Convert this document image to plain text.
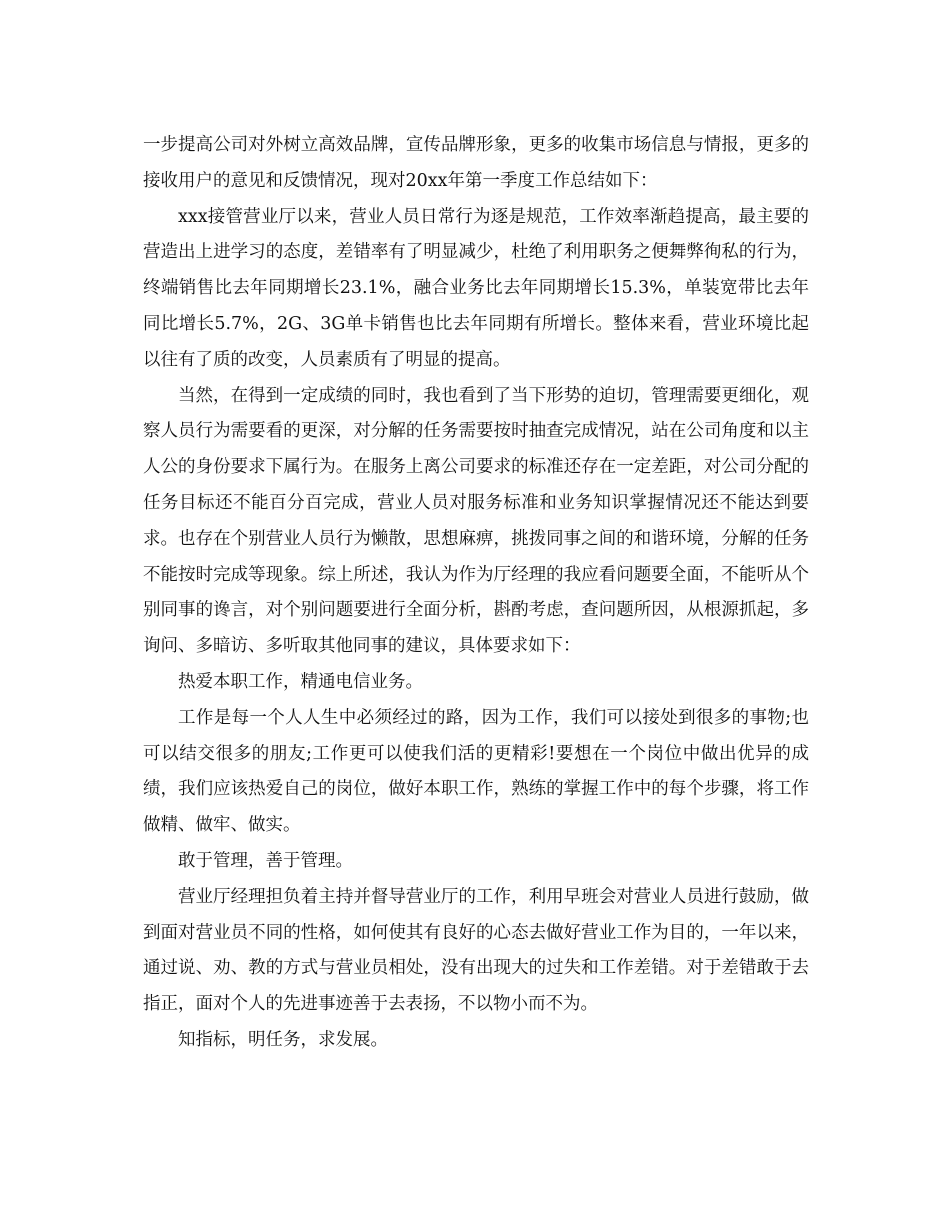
一步提高公司对外树立高效品牌，宣传品牌形象，更多的收集市场信息与情报，更多的接收用户的意见和反馈情况，现对20xx年第一季度工作总结如下：

xxx接管营业厅以来，营业人员日常行为逐是规范，工作效率渐趋提高，最主要的营造出上进学习的态度，差错率有了明显减少，杜绝了利用职务之便舞弊徇私的行为，终端销售比去年同期增长23.1%，融合业务比去年同期增长15.3%，单装宽带比去年同比增长5.7%，2G、3G单卡销售也比去年同期有所增长。整体来看，营业环境比起以往有了质的改变，人员素质有了明显的提高。

当然，在得到一定成绩的同时，我也看到了当下形势的迫切，管理需要更细化，观察人员行为需要看的更深，对分解的任务需要按时抽查完成情况，站在公司角度和以主人公的身份要求下属行为。在服务上离公司要求的标准还存在一定差距，对公司分配的任务目标还不能百分百完成，营业人员对服务标准和业务知识掌握情况还不能达到要求。也存在个别营业人员行为懒散，思想麻痹，挑拨同事之间的和谐环境，分解的任务不能按时完成等现象。综上所述，我认为作为厅经理的我应看问题要全面，不能听从个别同事的谗言，对个别问题要进行全面分析，斟酌考虑，查问题所因，从根源抓起，多询问、多暗访、多听取其他同事的建议，具体要求如下：

热爱本职工作，精通电信业务。

工作是每一个人人生中必须经过的路，因为工作，我们可以接处到很多的事物;也可以结交很多的朋友;工作更可以使我们活的更精彩!要想在一个岗位中做出优异的成绩，我们应该热爱自己的岗位，做好本职工作，熟练的掌握工作中的每个步骤，将工作做精、做牢、做实。

敢于管理，善于管理。

营业厅经理担负着主持并督导营业厅的工作，利用早班会对营业人员进行鼓励，做到面对营业员不同的性格，如何使其有良好的心态去做好营业工作为目的，一年以来，通过说、劝、教的方式与营业员相处，没有出现大的过失和工作差错。对于差错敢于去指正，面对个人的先进事迹善于去表扬，不以物小而不为。

知指标，明任务，求发展。
